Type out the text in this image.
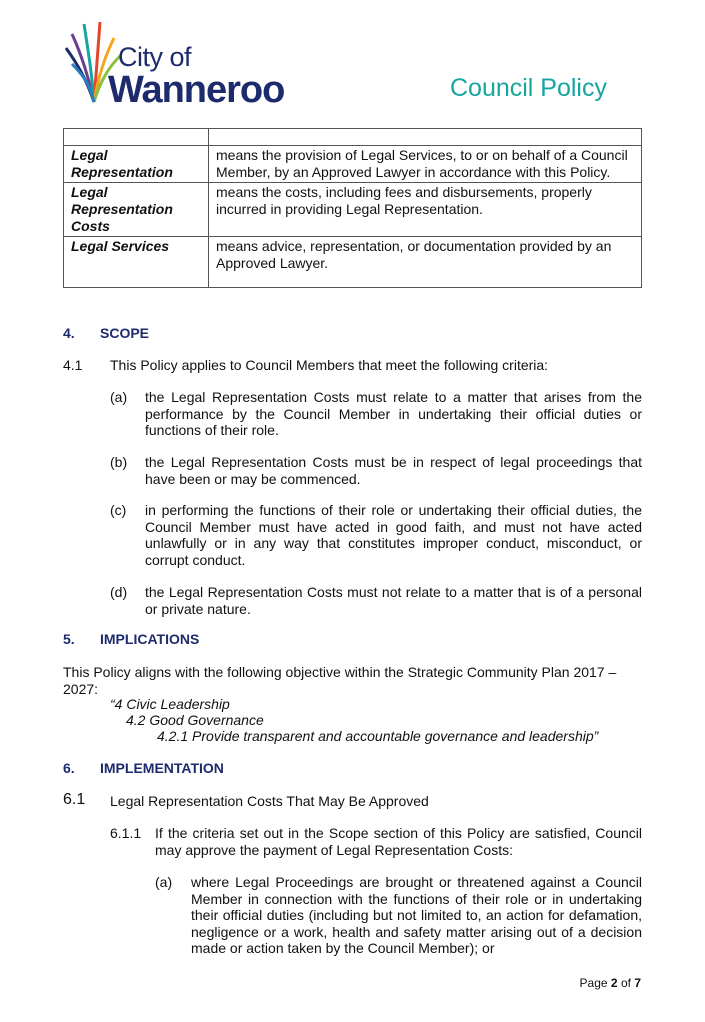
City of
Wanneroo	Council Policy

Legal Representation	means the provision of Legal Services, to or on behalf of a Council Member, by an Approved Lawyer in accordance with this Policy.
Legal Representation Costs	means the costs, including fees and disbursements, properly incurred in providing Legal Representation.
Legal Services	means advice, representation, or documentation provided by an Approved Lawyer.
4. SCOPE
4.1 This Policy applies to Council Members that meet the following criteria:
(a) the Legal Representation Costs must relate to a matter that arises from the performance by the Council Member in undertaking their official duties or functions of their role.
(b) the Legal Representation Costs must be in respect of legal proceedings that have been or may be commenced.
(c) in performing the functions of their role or undertaking their official duties, the Council Member must have acted in good faith, and must not have acted unlawfully or in any way that constitutes improper conduct, misconduct, or corrupt conduct.
(d) the Legal Representation Costs must not relate to a matter that is of a personal or private nature.
5. IMPLICATIONS
This Policy aligns with the following objective within the Strategic Community Plan 2017 – 2027:
“4 Civic Leadership
4.2 Good Governance
4.2.1 Provide transparent and accountable governance and leadership”
6. IMPLEMENTATION
6.1 Legal Representation Costs That May Be Approved
6.1.1 If the criteria set out in the Scope section of this Policy are satisfied, Council may approve the payment of Legal Representation Costs:
(a) where Legal Proceedings are brought or threatened against a Council Member in connection with the functions of their role or in undertaking their official duties (including but not limited to, an action for defamation, negligence or a work, health and safety matter arising out of a decision made or action taken by the Council Member); or
Page 2 of 7
